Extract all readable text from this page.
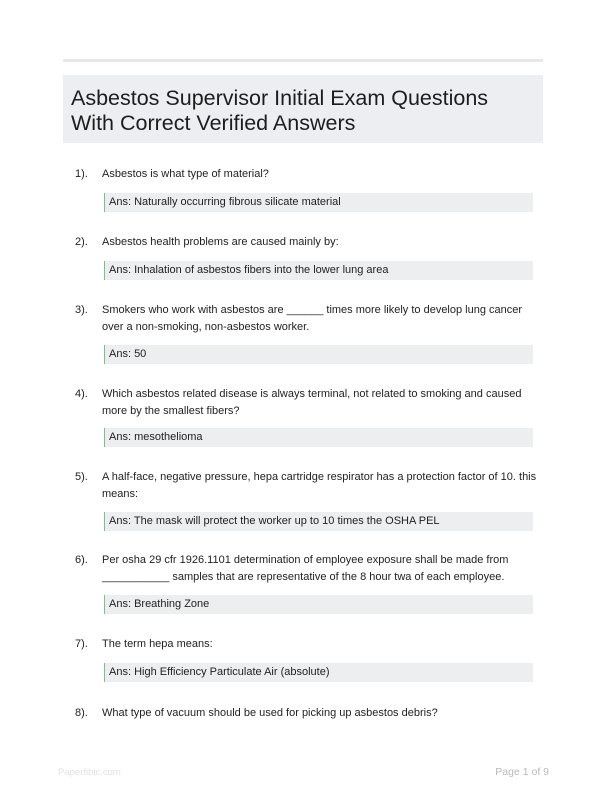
Asbestos Supervisor Initial Exam Questions With Correct Verified Answers
1). Asbestos is what type of material?
Ans: Naturally occurring fibrous silicate material
2). Asbestos health problems are caused mainly by:
Ans: Inhalation of asbestos fibers into the lower lung area
3). Smokers who work with asbestos are ______ times more likely to develop lung cancer over a non-smoking, non-asbestos worker.
Ans: 50
4). Which asbestos related disease is always terminal, not related to smoking and caused more by the smallest fibers?
Ans: mesothelioma
5). A half-face, negative pressure, hepa cartridge respirator has a protection factor of 10. this means:
Ans: The mask will protect the worker up to 10 times the OSHA PEL
6). Per osha 29 cfr 1926.1101 determination of employee exposure shall be made from ___________ samples that are representative of the 8 hour twa of each employee.
Ans: Breathing Zone
7). The term hepa means:
Ans: High Efficiency Particulate Air (absolute)
8). What type of vacuum should be used for picking up asbestos debris?
Paperfibic.com	Page 1 of 9
